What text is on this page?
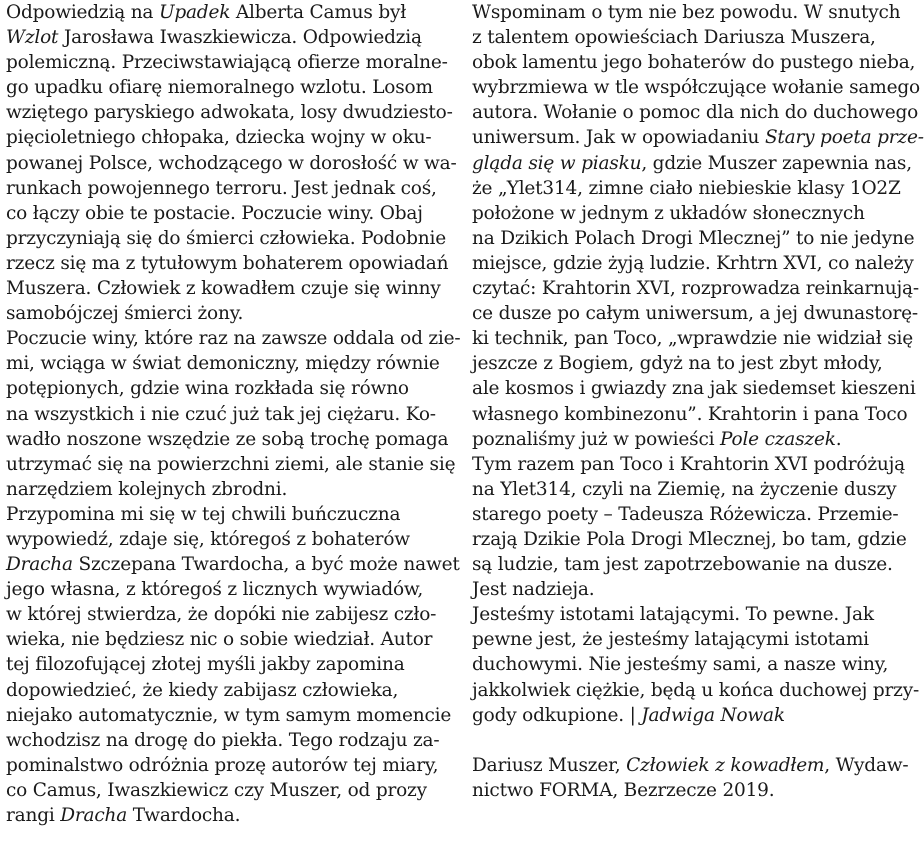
Odpowiedzią na Upadek Alberta Camus był
Wzlot Jarosława Iwaszkiewicza. Odpowiedzią
polemiczną. Przeciwstawiającą ofierze moralne-
go upadku ofiarę niemoralnego wzlotu. Losom
wziętego paryskiego adwokata, losy dwudziesto-
pięcioletniego chłopaka, dziecka wojny w oku-
powanej Polsce, wchodzącego w dorosłość w wa-
runkach powojennego terroru. Jest jednak coś,
co łączy obie te postacie. Poczucie winy. Obaj
przyczyniają się do śmierci człowieka. Podobnie
rzecz się ma z tytułowym bohaterem opowiadań
Muszera. Człowiek z kowadłem czuje się winny
samobójczej śmierci żony.
Poczucie winy, które raz na zawsze oddala od zie-
mi, wciąga w świat demoniczny, między równie
potępionych, gdzie wina rozkłada się równo
na wszystkich i nie czuć już tak jej ciężaru. Ko-
wadło noszone wszędzie ze sobą trochę pomaga
utrzymać się na powierzchni ziemi, ale stanie się
narzędziem kolejnych zbrodni.
Przypomina mi się w tej chwili buńczuczna
wypowiedź, zdaje się, któregoś z bohaterów
Dracha Szczepana Twardocha, a być może nawet
jego własna, z któregoś z licznych wywiadów,
w której stwierdza, że dopóki nie zabijesz czło-
wieka, nie będziesz nic o sobie wiedział. Autor
tej filozofującej złotej myśli jakby zapomina
dopowiedzieć, że kiedy zabijasz człowieka,
niejako automatycznie, w tym samym momencie
wchodzisz na drogę do piekła. Tego rodzaju za-
pominalstwo odróżnia prozę autorów tej miary,
co Camus, Iwaszkiewicz czy Muszer, od prozy
rangi Dracha Twardocha.
Wspominam o tym nie bez powodu. W snutych
z talentem opowieściach Dariusza Muszera,
obok lamentu jego bohaterów do pustego nieba,
wybrzmiewa w tle współczujące wołanie samego
autora. Wołanie o pomoc dla nich do duchowego
uniwersum. Jak w opowiadaniu Stary poeta prze-
gląda się w piasku, gdzie Muszer zapewnia nas,
że „Ylet314, zimne ciało niebieskie klasy 1O2Z
położone w jednym z układów słonecznych
na Dzikich Polach Drogi Mlecznej” to nie jedyne
miejsce, gdzie żyją ludzie. Krhtrn XVI, co należy
czytać: Krahtorin XVI, rozprowadza reinkarnują-
ce dusze po całym uniwersum, a jej dwunastorę-
ki technik, pan Toco, „wprawdzie nie widział się
jeszcze z Bogiem, gdyż na to jest zbyt młody,
ale kosmos i gwiazdy zna jak siedemset kieszeni
własnego kombinezonu”. Krahtorin i pana Toco
poznaliśmy już w powieści Pole czaszek.
Tym razem pan Toco i Krahtorin XVI podróżują
na Ylet314, czyli na Ziemię, na życzenie duszy
starego poety – Tadeusza Różewicza. Przemie-
rzają Dzikie Pola Drogi Mlecznej, bo tam, gdzie
są ludzie, tam jest zapotrzebowanie na dusze.
Jest nadzieja.
Jesteśmy istotami latającymi. To pewne. Jak
pewne jest, że jesteśmy latającymi istotami
duchowymi. Nie jesteśmy sami, a nasze winy,
jakkolwiek ciężkie, będą u końca duchowej przy-
gody odkupione. | Jadwiga Nowak
Dariusz Muszer, Człowiek z kowadłem, Wydaw-
nictwo FORMA, Bezrzecze 2019.
